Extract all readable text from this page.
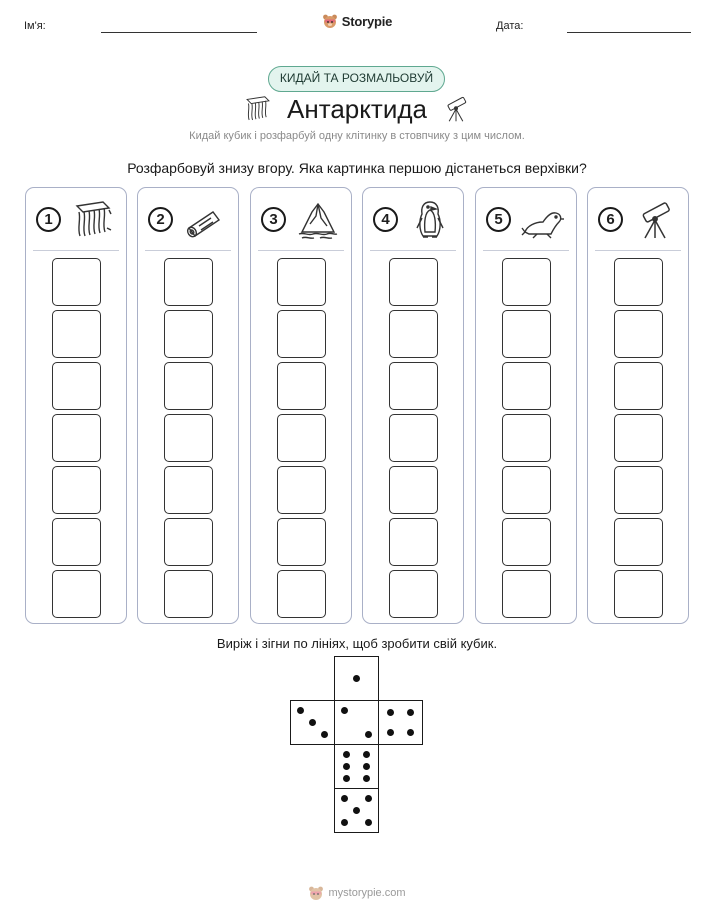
Ім'я:	Дата:
Storypie
КИДАЙ ТА РОЗМАЛЬОВУЙ
Антарктида
Кидай кубик і розфарбуй одну клітинку в стовпчику з цим числом.
Розфарбовуй знизу вгору. Яка картинка першою дістанеться верхівки?
1	2	3	4	5	6
Виріж і зігни по лініях, щоб зробити свій кубик.
mystorypie.com
